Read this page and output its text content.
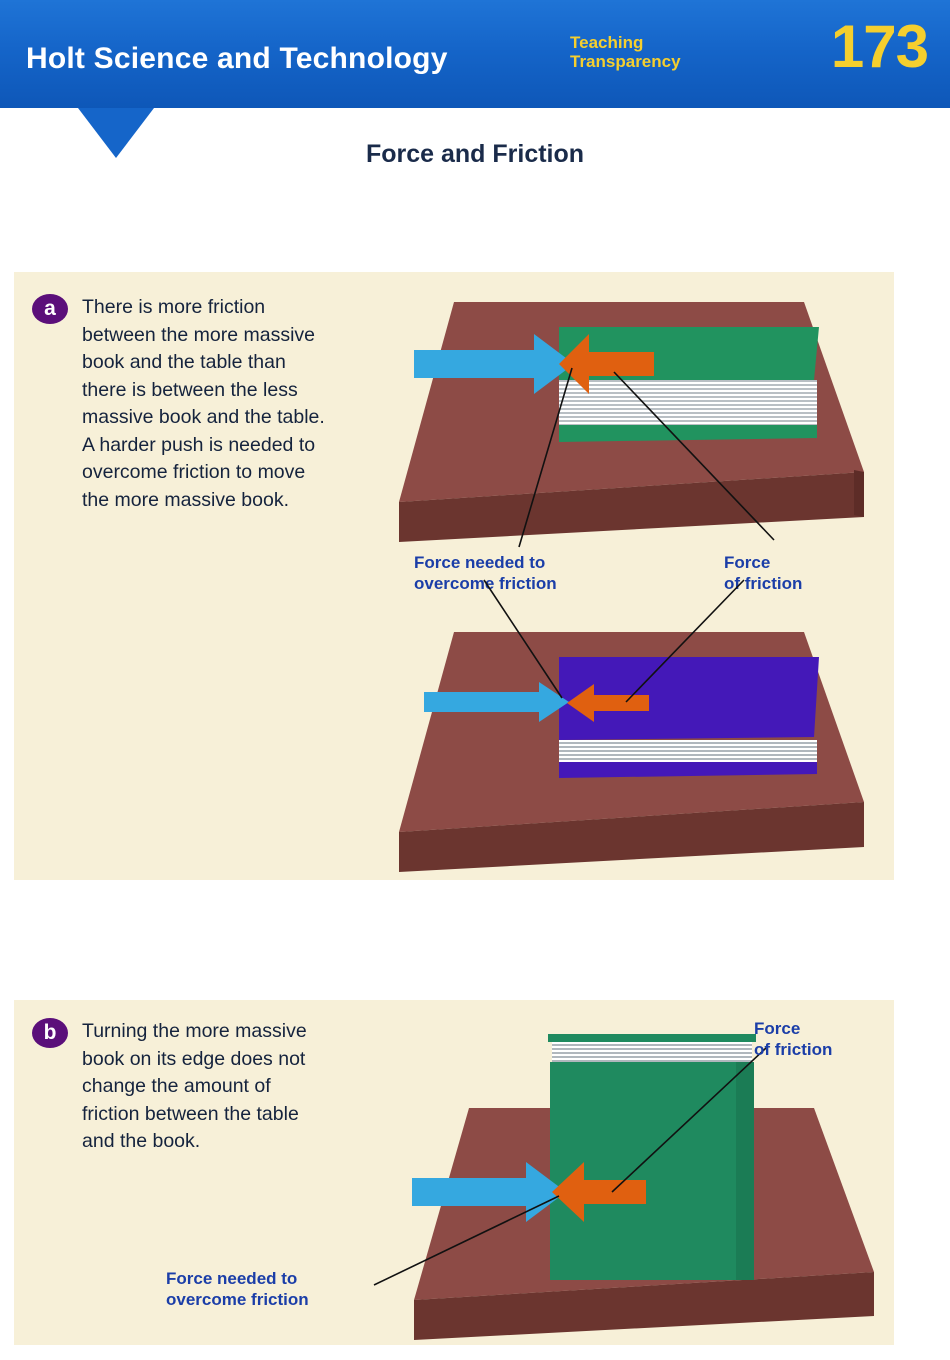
Holt Science and Technology	Teaching
Transparency	173
Force and Friction
a	There is more friction between the more massive book and the table than there is between the less massive book and the table. A harder push is needed to overcome friction to move the more massive book.
Force needed to
overcome friction
Force
of friction
b	Turning the more massive book on its edge does not change the amount of friction between the table and the book.
Force
of friction
Force needed to
overcome friction
